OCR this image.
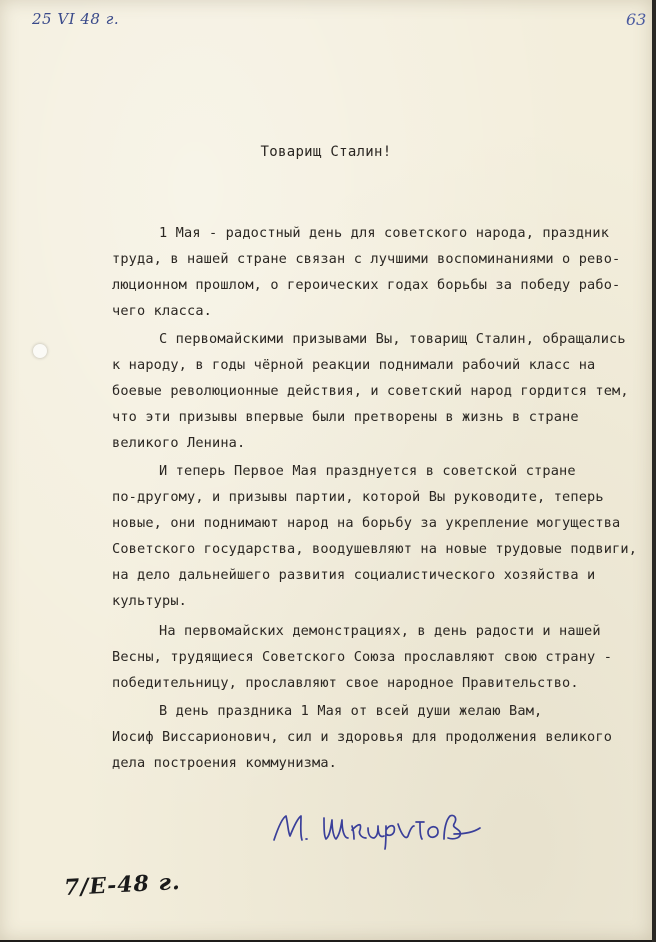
25 VI 48 г.	63
Товарищ Сталин!
1 Мая - радостный день для советского народа, праздник
труда, в нашей стране связан с лучшими воспоминаниями о рево-
люционном прошлом, о героических годах борьбы за победу рабо-
чего класса.
С первомайскими призывами Вы, товарищ Сталин, обращались
к народу, в годы чёрной реакции поднимали рабочий класс на
боевые революционные действия, и советский народ гордится тем,
что эти призывы впервые были претворены в жизнь в стране
великого Ленина.
И теперь Первое Мая празднуется в советской стране
по-другому, и призывы партии, которой Вы руководите, теперь
новые, они поднимают народ на борьбу за укрепление могущества
Советского государства, воодушевляют на новые трудовые подвиги,
на дело дальнейшего развития социалистического хозяйства и
культуры.
На первомайских демонстрациях, в день радости и нашей
Весны, трудящиеся Советского Союза прославляют свою страну -
победительницу, прославляют свое народное Правительство.
В день праздника 1 Мая от всей души желаю Вам,
Иосиф Виссарионович, сил и здоровья для продолжения великого
дела построения коммунизма.
7/Е-48 г.
